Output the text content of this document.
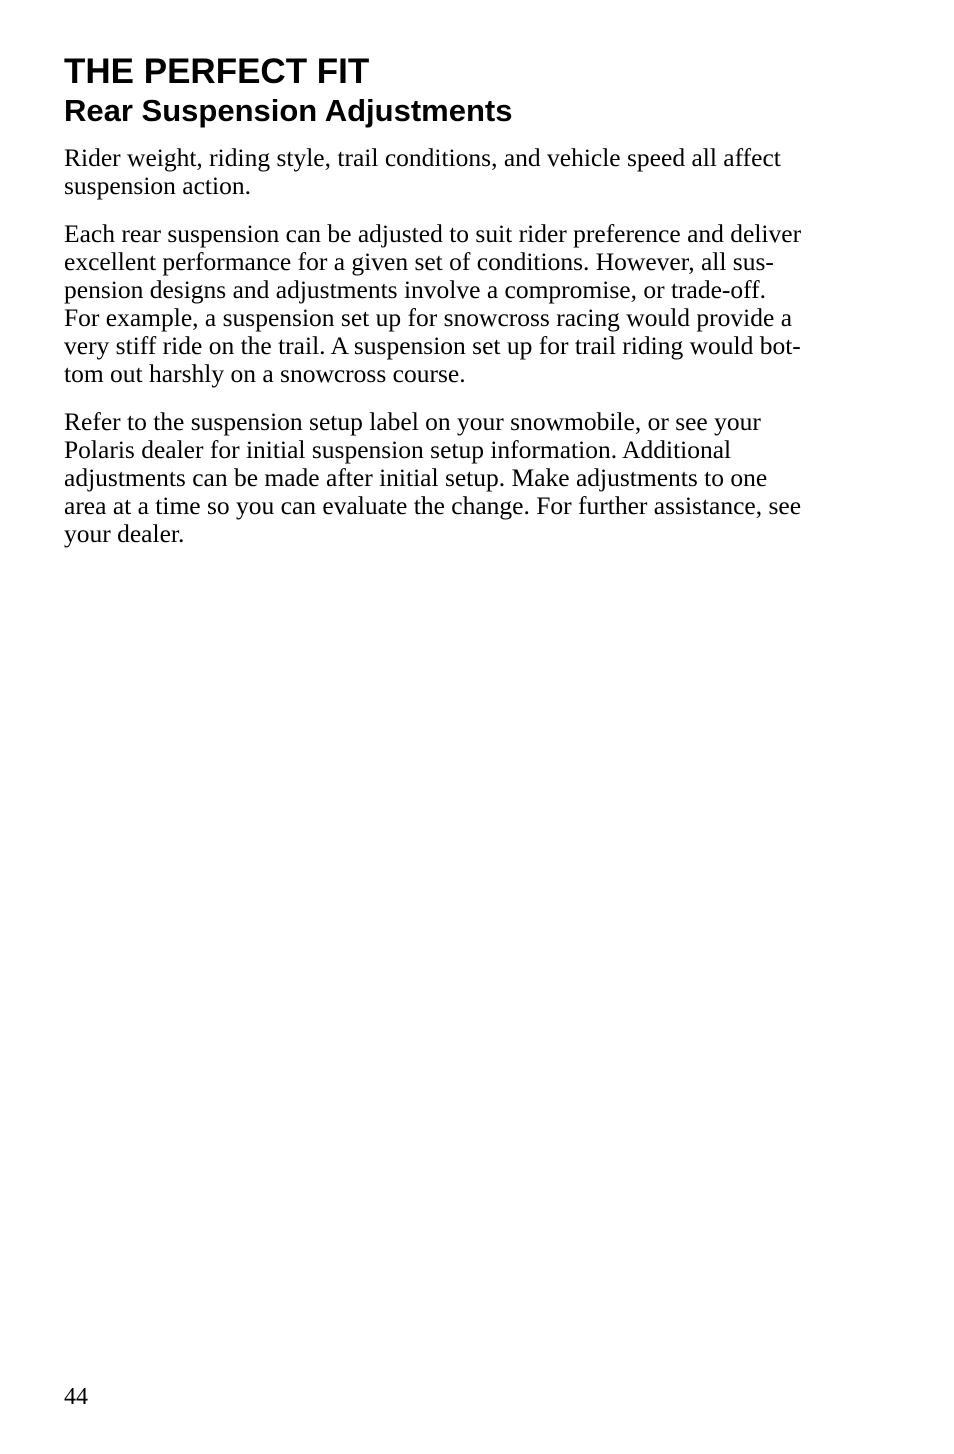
THE PERFECT FIT
Rear Suspension Adjustments

Rider weight, riding style, trail conditions, and vehicle speed all affect
suspension action.

Each rear suspension can be adjusted to suit rider preference and deliver
excellent performance for a given set of conditions. However, all sus-
pension designs and adjustments involve a compromise, or trade-off.
For example, a suspension set up for snowcross racing would provide a
very stiff ride on the trail. A suspension set up for trail riding would bot-
tom out harshly on a snowcross course.

Refer to the suspension setup label on your snowmobile, or see your
Polaris dealer for initial suspension setup information. Additional
adjustments can be made after initial setup. Make adjustments to one
area at a time so you can evaluate the change. For further assistance, see
your dealer.

44
